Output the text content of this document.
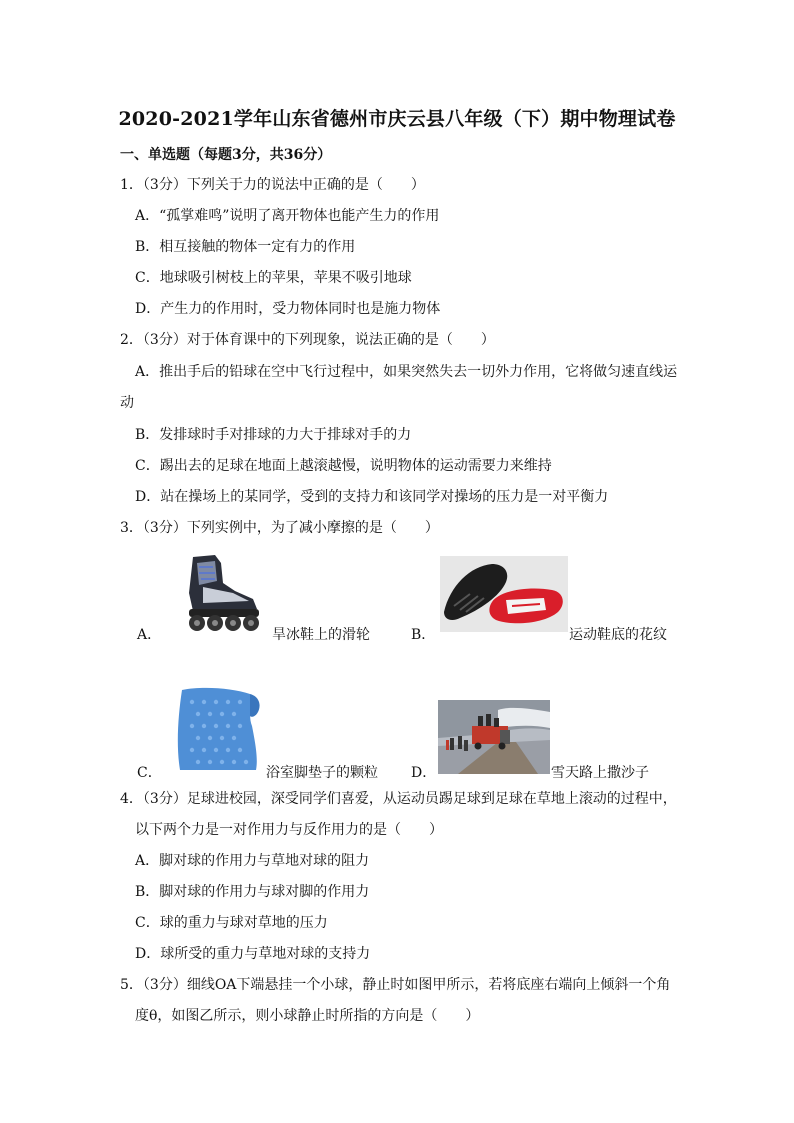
2020-2021学年山东省德州市庆云县八年级（下）期中物理试卷
一、单选题（每题3分，共36分）
1．（3分）下列关于力的说法中正确的是（　　）
A．“孤掌难鸣”说明了离开物体也能产生力的作用
B．相互接触的物体一定有力的作用
C．地球吸引树枝上的苹果，苹果不吸引地球
D．产生力的作用时，受力物体同时也是施力物体
2．（3分）对于体育课中的下列现象，说法正确的是（　　）
A．推出手后的铅球在空中飞行过程中，如果突然失去一切外力作用，它将做匀速直线运
动
B．发排球时手对排球的力大于排球对手的力
C．踢出去的足球在地面上越滚越慢，说明物体的运动需要力来维持
D．站在操场上的某同学，受到的支持力和该同学对操场的压力是一对平衡力
3．（3分）下列实例中，为了减小摩擦的是（　　）
A．	旱冰鞋上的滑轮	B．	运动鞋底的花纹
C．	浴室脚垫子的颗粒 D．	雪天路上撒沙子
4．（3分）足球进校园，深受同学们喜爱，从运动员踢足球到足球在草地上滚动的过程中，
以下两个力是一对作用力与反作用力的是（　　）
A．脚对球的作用力与草地对球的阻力
B．脚对球的作用力与球对脚的作用力
C．球的重力与球对草地的压力
D．球所受的重力与草地对球的支持力
5．（3分）细线OA下端悬挂一个小球，静止时如图甲所示，若将底座右端向上倾斜一个角
度θ，如图乙所示，则小球静止时所指的方向是（　　）
